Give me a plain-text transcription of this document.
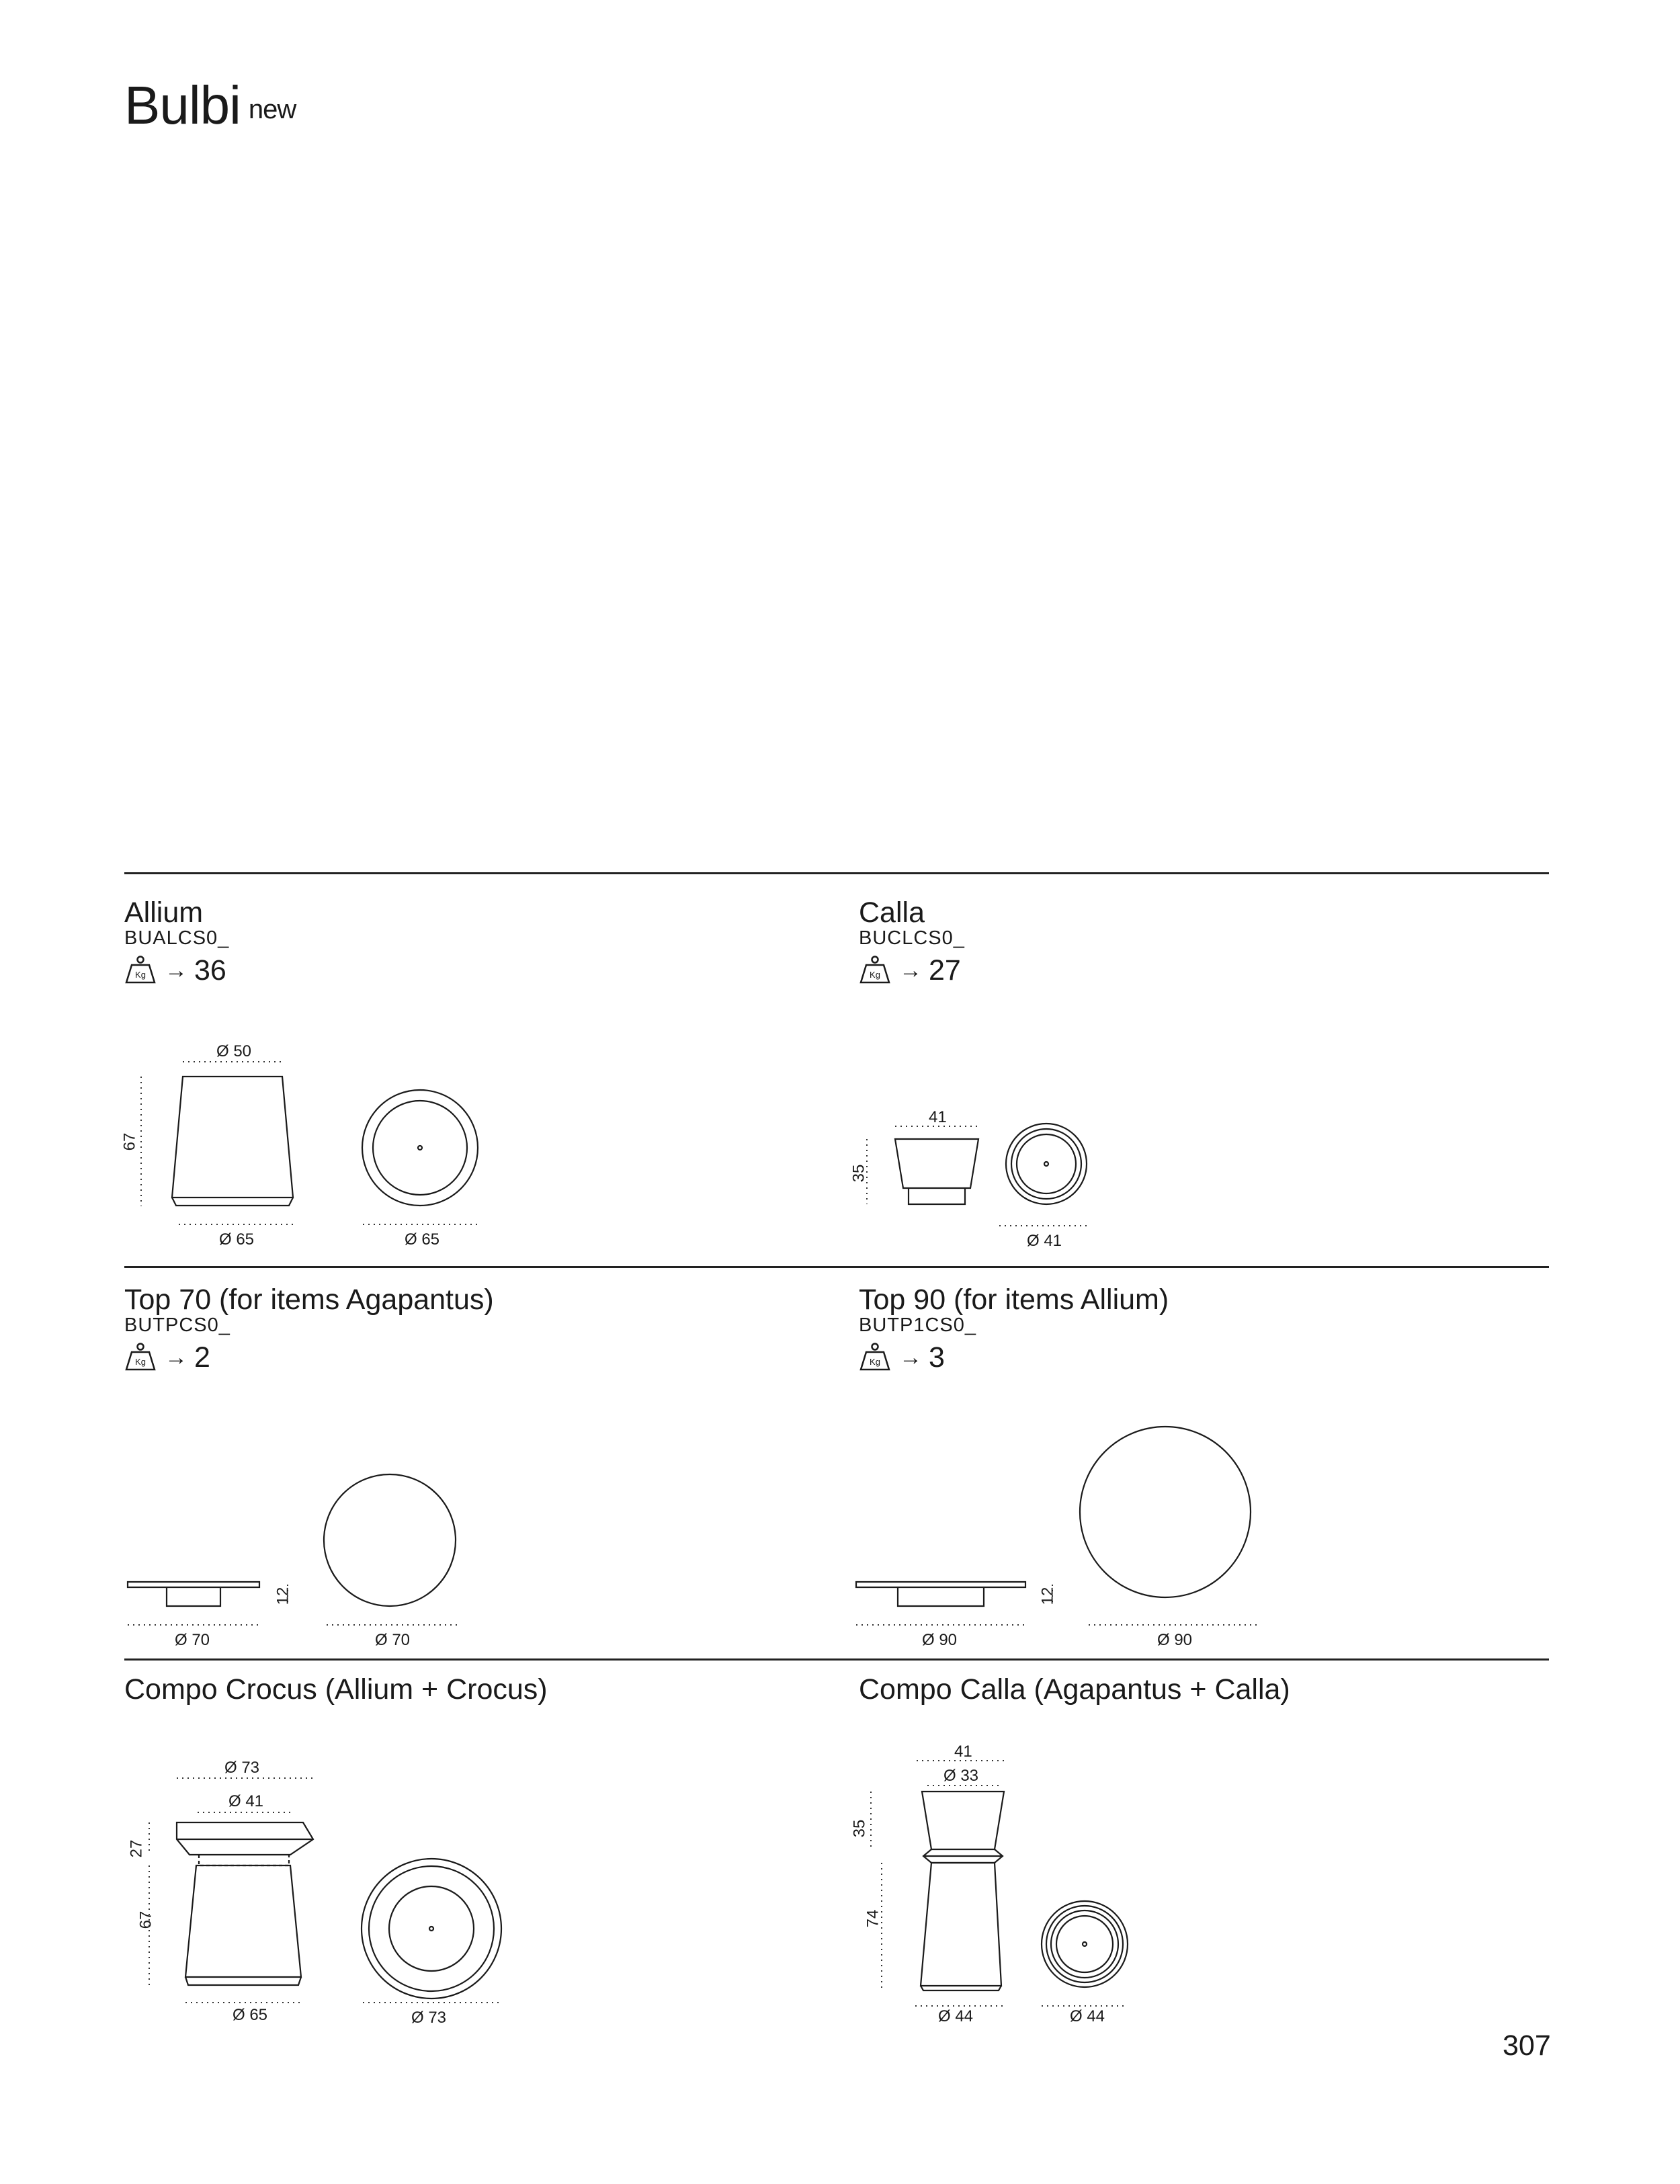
Bulbi $^{new}$
Allium
BUALCS0_
Kg → 36
Calla
BUCLCS0_
Kg → 27
Top 70 (for items Agapantus)
BUTPCS0_
Kg → 2
Top 90 (for items Allium)
BUTP1CS0_
Kg → 3
Compo Crocus (Allium + Crocus)	Compo Calla (Agapantus + Calla)
Ø 50
67
Ø 65	Ø 65
41
35
Ø 41
12
Ø 70	Ø 70
12
Ø 90	Ø 90
Ø 73
Ø 41
27
67
Ø 65	Ø 73
41
Ø 33
35
74
Ø 44	Ø 44
307
